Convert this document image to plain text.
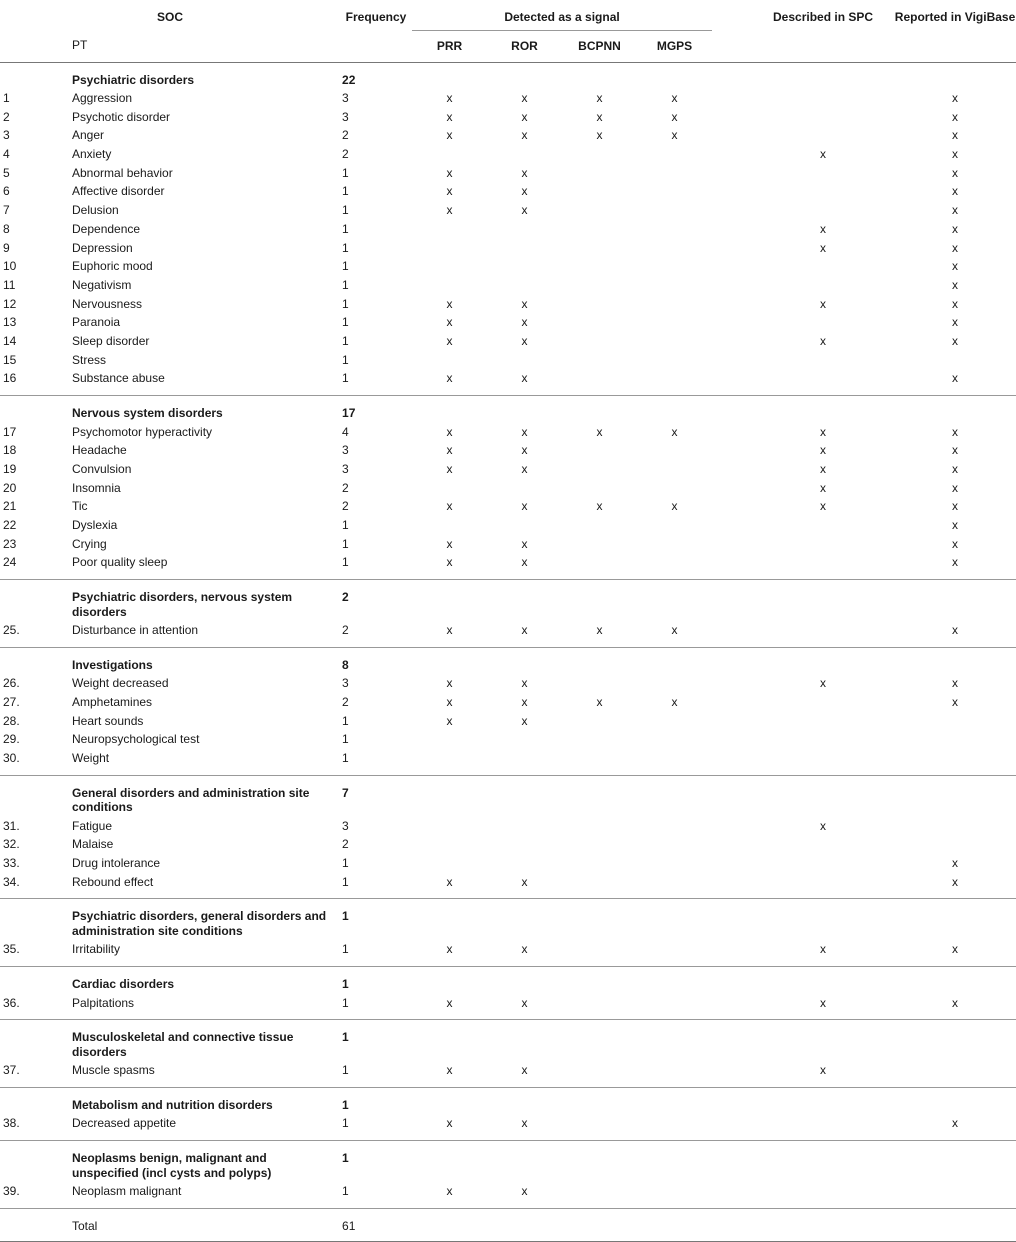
SOC		Frequency	Detected as a signal					Described in SPC	Reported in VigiBase
	PT		PRR	ROR	BCPNN	MGPS			
	Psychiatric disorders	22							
1	Aggression	3	x	x	x	x			x
2	Psychotic disorder	3	x	x	x	x			x
3	Anger	2	x	x	x	x			x
4	Anxiety	2						x	x
5	Abnormal behavior	1	x	x					x
6	Affective disorder	1	x	x					x
7	Delusion	1	x	x					x
8	Dependence	1						x	x
9	Depression	1						x	x
10	Euphoric mood	1							x
11	Negativism	1							x
12	Nervousness	1	x	x				x	x
13	Paranoia	1	x	x					x
14	Sleep disorder	1	x	x				x	x
15	Stress	1							
16	Substance abuse	1	x	x					x
	Nervous system disorders	17							
17	Psychomotor hyperactivity	4	x	x	x	x		x	x
18	Headache	3	x	x				x	x
19	Convulsion	3	x	x				x	x
20	Insomnia	2						x	x
21	Tic	2	x	x	x	x		x	x
22	Dyslexia	1							x
23	Crying	1	x	x					x
24	Poor quality sleep	1	x	x					x
	Psychiatric disorders, nervous system disorders	2							
25.	Disturbance in attention	2	x	x	x	x			x
	Investigations	8							
26.	Weight decreased	3	x	x				x	x
27.	Amphetamines	2	x	x	x	x			x
28.	Heart sounds	1	x	x					
29.	Neuropsychological test	1							
30.	Weight	1							
	General disorders and administration site conditions	7							
31.	Fatigue	3						x	
32.	Malaise	2							
33.	Drug intolerance	1							x
34.	Rebound effect	1	x	x					x
	Psychiatric disorders, general disorders and administration site conditions	1							
35.	Irritability	1	x	x				x	x
	Cardiac disorders	1							
36.	Palpitations	1	x	x				x	x
	Musculoskeletal and connective tissue disorders	1							
37.	Muscle spasms	1	x	x				x	
	Metabolism and nutrition disorders	1							
38.	Decreased appetite	1	x	x					x
	Neoplasms benign, malignant and unspecified (incl cysts and polyps)	1							
39.	Neoplasm malignant	1	x	x					
	Total	61							
